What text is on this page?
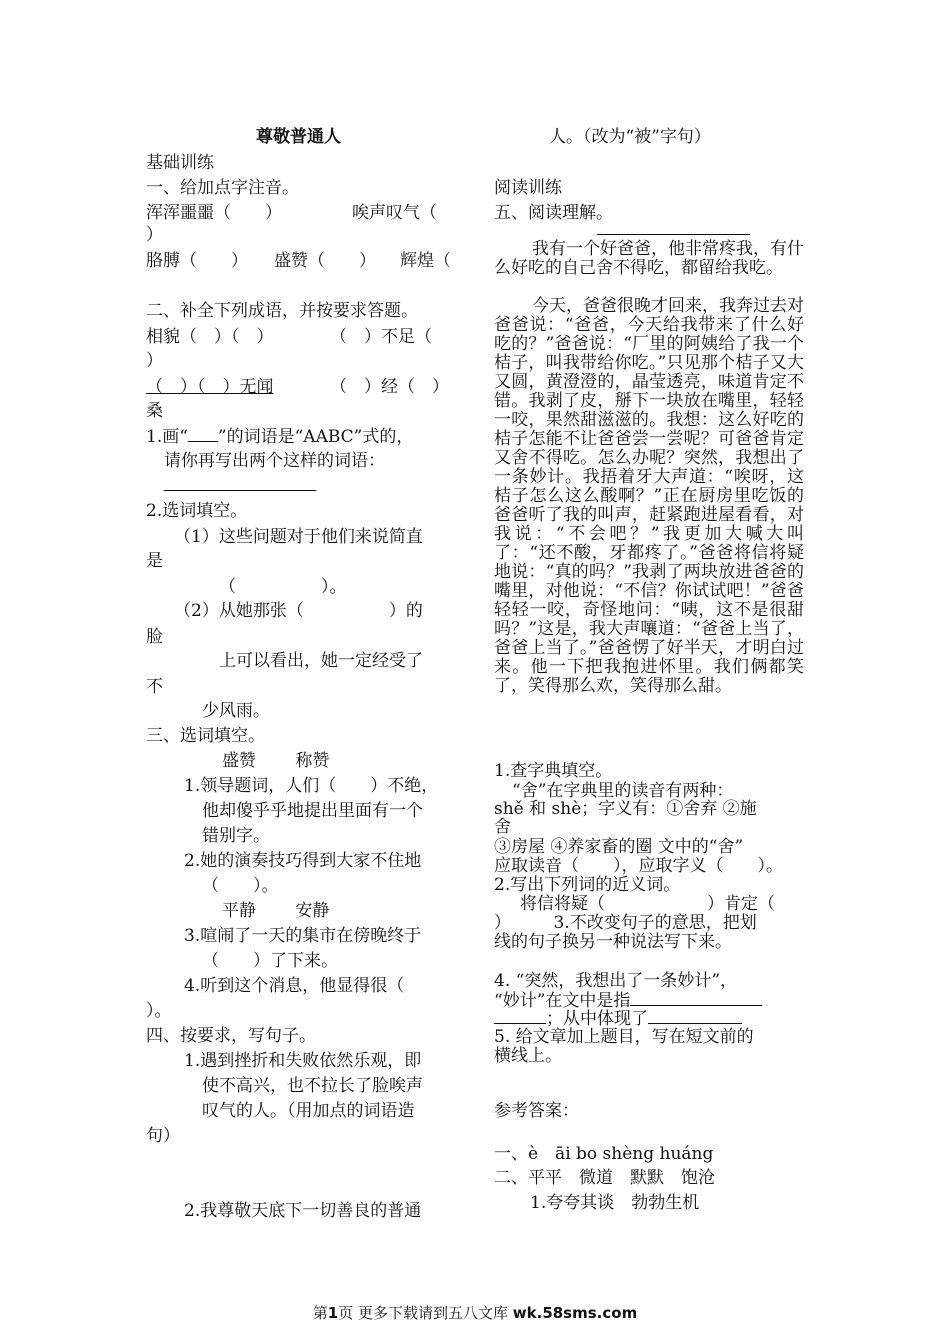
尊敬普通人
基础训练
一、给加点字注音。
浑浑噩噩（　　）	唉声叹气（
）
胳膊（　　） 盛赞（　　） 辉煌（
二、补全下列成语，并按要求答题。
相貌（　）（　）	（　）不足（
）
（　）（　）无闻	（　）经（　）
桑
1.画“ ”的词语是“AABC”式的，
请你再写出两个这样的词语：
2.选词填空。
（1）这些问题对于他们来说简直
是
（　　　　　）。
（2）从她那张（　　　　　）的
脸
上可以看出，她一定经受了
不
少风雨。
三、选词填空。
盛赞　　 称赞
1.领导题词，人们（　　）不绝，
他却傻乎乎地提出里面有一个
错别字。
2.她的演奏技巧得到大家不住地
（　　）。
平静　　 安静
3.喧闹了一天的集市在傍晚终于
（　　）了下来。
4.听到这个消息，他显得很（
）。
四、按要求，写句子。
1.遇到挫折和失败依然乐观，即
使不高兴，也不拉长了脸唉声
叹气的人。（用加点的词语造
句）
2.我尊敬天底下一切善良的普通
人。（改为“被”字句）
阅读训练
五、阅读理解。
我有一个好爸爸，他非常疼我，有什么好吃的自己舍不得吃，都留给我吃。
今天，爸爸很晚才回来，我奔过去对爸爸说：“爸爸，今天给我带来了什么好吃的？”爸爸说：“厂里的阿姨给了我一个桔子，叫我带给你吃。”只见那个桔子又大又圆，黄澄澄的，晶莹透亮，味道肯定不错。我剥了皮，掰下一块放在嘴里，轻轻一咬，果然甜滋滋的。我想：这么好吃的桔子怎能不让爸爸尝一尝呢？可爸爸肯定又舍不得吃。怎么办呢？突然，我想出了一条妙计。我捂着牙大声道：“唉呀，这桔子怎么这么酸啊？”正在厨房里吃饭的爸爸听了我的叫声，赶紧跑进屋看看，对我说：“不会吧？”我更加大喊大叫了：“还不酸，牙都疼了。”爸爸将信将疑地说：“真的吗？”我剥了两块放进爸爸的嘴里，对他说：“不信？你试试吧！”爸爸轻轻一咬，奇怪地问：“咦，这不是很甜吗？”这是，我大声嚷道：“爸爸上当了，爸爸上当了。”爸爸愣了好半天，才明白过来。他一下把我抱进怀里。我们俩都笑了，笑得那么欢，笑得那么甜。
1.查字典填空。
“舍”在字典里的读音有两种：
shě 和 shè；字义有：①舍弃 ②施
舍
③房屋 ④养家畜的圈 文中的“舍”
应取读音（　　），应取字义（　　）。
2.写出下列词的近义词。
将信将疑（　　　　　　）肯定（
）　　　3.不改变句子的意思，把划
线的句子换另一种说法写下来。
4. “突然，我想出了一条妙计”，
“妙计”在文中是指
；从中体现了
5. 给文章加上题目，写在短文前的
横线上。
参考答案：
一、è　āi bo shèng huáng
二、平平　微道　默默　饱沧
1.夸夸其谈　勃勃生机
第1页 更多下载请到五八文库 wk.58sms.com
